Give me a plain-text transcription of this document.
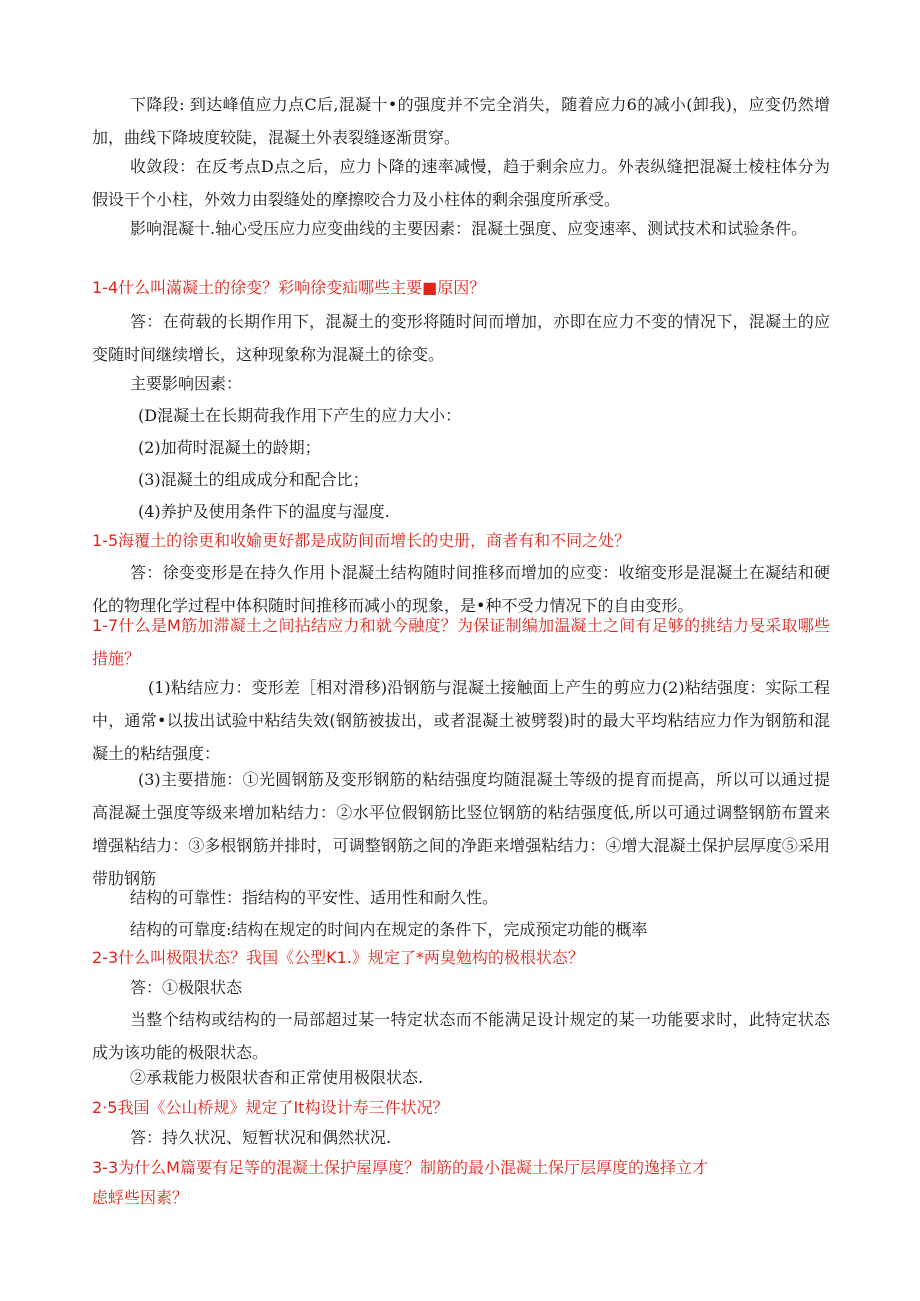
下降段: 到达峰值应力点C后,混凝十•的强度并不完全消失，随着应力6的减小(卸我)，应变仍然增加，曲线下降坡度较陡，混凝土外表裂缝逐渐贯穿。
收敛段：在反考点D点之后，应力卜降的速率减慢，趋于剩余应力。外表纵缝把混凝土棱柱体分为假设干个小柱，外效力由裂缝处的摩擦咬合力及小柱体的剩余强度所承受。
影响混凝十.轴心受压应力应变曲线的主要因素：混凝土强度、应变速率、测试技术和试验条件。
1-4什么叫滿凝土的徐变？彩响徐变疝哪些主要■原因？
答：在荷载的长期作用下，混凝土的变形将随时间而增加，亦即在应力不变的情况下，混凝土的应变随时间继续增长，这种现象称为混凝土的徐变。
主要影响因素：
(D混凝土在长期荷我作用下产生的应力大小：
(2)加荷时混凝土的龄期；
(3)混凝土的组成成分和配合比；
(4)养护及使用条件下的温度与湿度.
1-5海覆土的徐更和收媮更好都是成防间而增长的史册，商者有和不同之处？
答：徐变变形是在持久作用卜混凝土结构随时间推移而增加的应变：收缩变形是混凝土在凝结和硬化的物理化学过程中体积随时间推移而减小的现象，是•种不受力情况下的自由变形。
1-7什么是M筋加滞凝土之间拈结应力和就今融度？为保证制编加温凝土之间有足够的挑结力旻采取哪些措施？
(1)粘结应力：变形差［相对滑移)沿钢筋与混凝土接触面上产生的剪应力(2)粘结强度：实际工程中，通常•以拔出试验中粘结失效(钢筋被拔出，或者混凝土被劈裂)时的最大平均粘结应力作为钢筋和混凝土的粘结强度：
(3)主要措施：①光圆钢筋及变形钢筋的粘结强度均随混凝土等级的提育而提高，所以可以通过提高混凝土强度等级来增加粘结力：②水平位假钢筋比竖位钢筋的粘结强度低,所以可通过调整钢筋布置来增强粘结力：③多根钢筋并排时，可调整钢筋之间的净距来增强粘结力：④增大混凝土保护层厚度⑤采用带肋钢筋
结构的可靠性：指结构的平安性、适用性和耐久性。
结构的可靠度:结构在规定的时间内在规定的条件下，完成预定功能的概率
2-3什么叫极限状态？我国《公型K1.》规定了*两臭勉构的极根状态？
答：①极限状态
当整个结构或结构的一局部超过某一特定状态而不能满足设计规定的某一功能要求时，此特定状态成为该功能的极限状态。
②承栽能力极限状杳和正常使用极限状态.
2·5我国《公山桥规》规定了It构设计寿三件状况？
答：持久状况、短暂状况和偶然状况.
3-3为什么M篇要有足等的混凝土保护屋厚度？制筋的最小混凝土保厅层厚度的逸择立才
虑蜉些因素？
